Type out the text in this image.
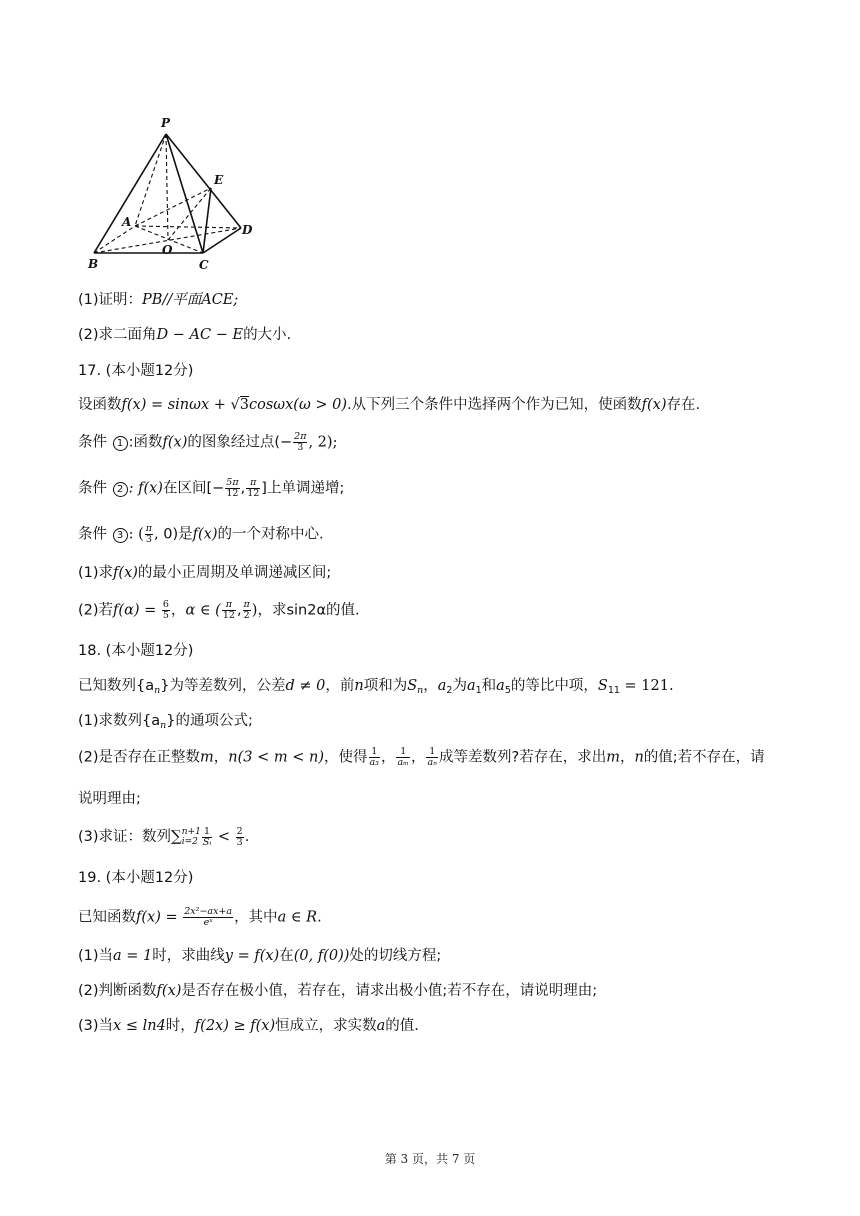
P
E
A
D
O
B	C
(1)证明：PB//平面ACE;
(2)求二面角D − AC − E的大小.
17. (本小题12分)
设函数f(x) = sinωx + √3cosωx(ω > 0).从下列三个条件中选择两个作为已知，使函数f(x)存在.
条件 1 :函数f(x)的图象经过点(− $\frac{2\pi}{3}$ , 2);
条件 2 : f(x)在区间[− $\frac{5\pi}{12}$ , $\frac{\pi}{12}$ ]上单调递增;
条件 3 : ( $\frac{\pi}{3}$ , 0)是f(x)的一个对称中心.
(1)求f(x)的最小正周期及单调递减区间;
(2)若$f(\alpha) = \frac{6}{5}$ ，α ∈ ( $\frac{\pi}{12}$ , $\frac{\pi}{2}$ )，求sin2α的值.
18. (本小题12分)
已知数列$\{a_n\}$为等差数列，公差d ≠ 0，前n项和为$S_n$，$a_2$为$a_1$和$a_5$的等比中项，$S_{11} = 121$.
(1)求数列$\{a_n\}$的通项公式;
(2)是否存在正整数m，n(3 < m < n)，使得 $\frac{1}{\text{a₃}}$ ， $\frac{1}{\text{aₘ}}$ ， $\frac{1}{\text{aₙ}}$ 成等差数列?若存在，求出m，n的值;若不存在，请
说明理由;
(3)求证：数列∑ n+1
$i=2 \frac{1}{\text{Sᵢ}} < \frac{2}{3}$ .
19. (本小题12分)
已知函数$f(x) = \frac{\text{2x²−ax+a}}{\text{eˣ}}$ ，其中a ∈ R.
(1)当a = 1时，求曲线y = f(x)在(0, f(0))处的切线方程;
(2)判断函数f(x)是否存在极小值，若存在，请求出极小值;若不存在，请说明理由;
(3)当x ≤ ln4时，f(2x) ≥ f(x)恒成立，求实数a的值.
第 3 页，共 7 页
